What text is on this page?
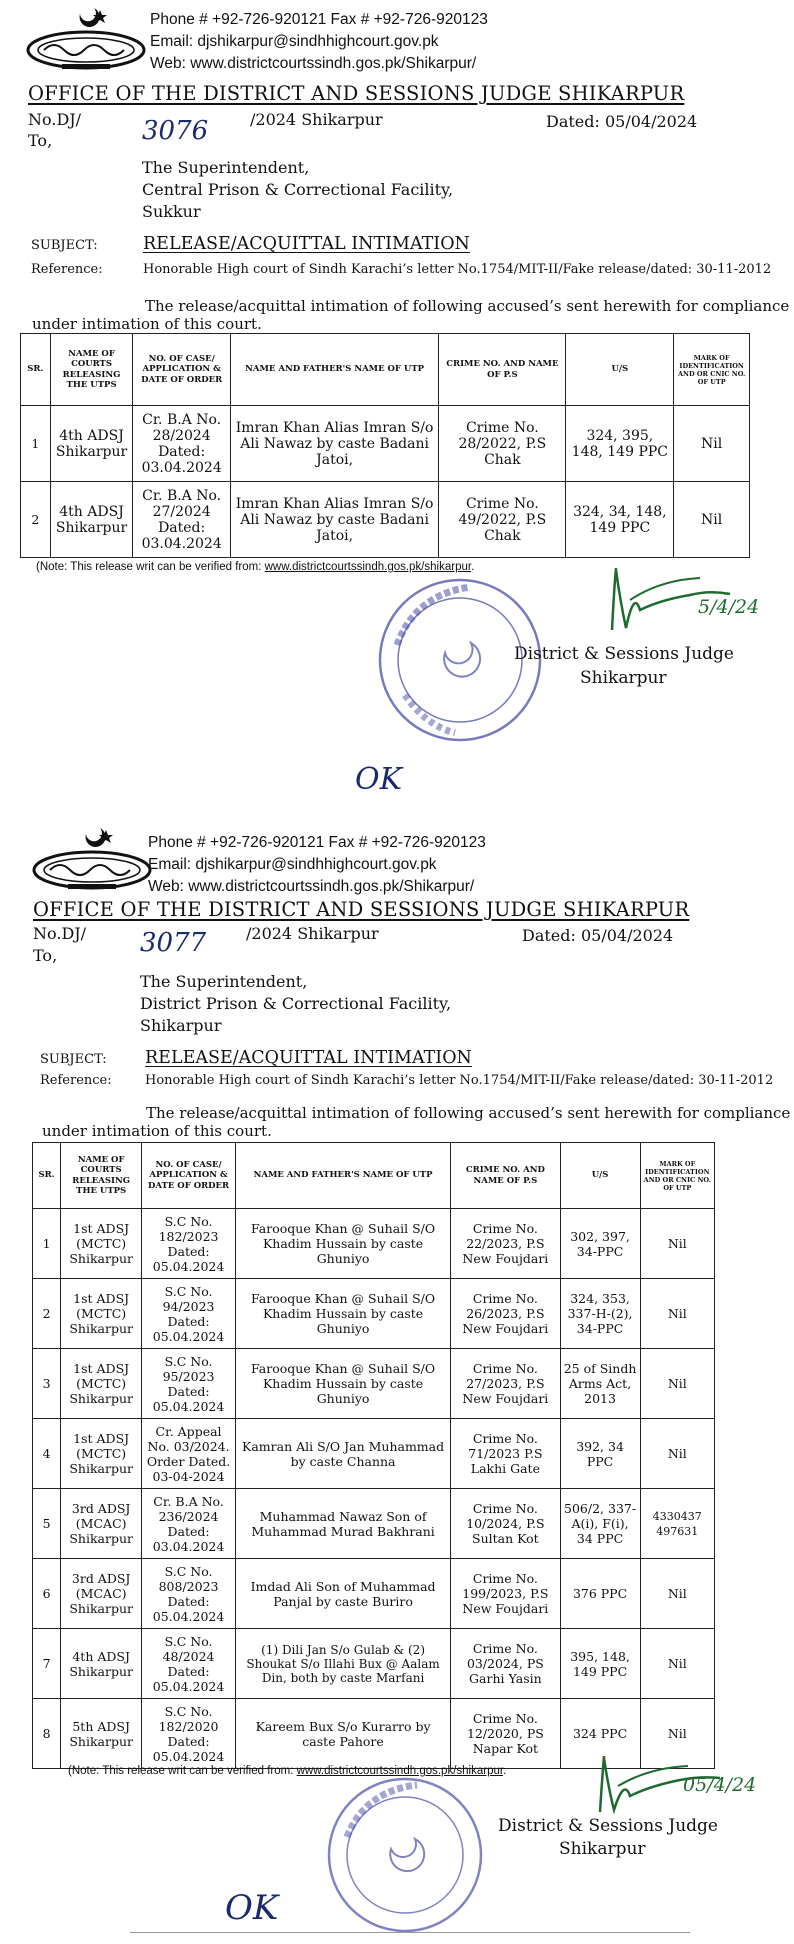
Phone # +92-726-920121 Fax # +92-726-920123
Email: djshikarpur@sindhhighcourt.gov.pk
Web: www.districtcourtssindh.gos.pk/Shikarpur/
OFFICE OF THE DISTRICT AND SESSIONS JUDGE SHIKARPUR
No.DJ/ 3076	/2024 Shikarpur	Dated: 05/04/2024
To,
The Superintendent,
Central Prison & Correctional Facility,
Sukkur
SUBJECT:	RELEASE/ACQUITTAL INTIMATION
Reference:	Honorable High court of Sindh Karachi’s letter No.1754/MIT-II/Fake release/dated: 30-11-2012
The release/acquittal intimation of following accused’s sent herewith for compliance
under intimation of this court.
SR.	NAME OF COURTS RELEASING THE UTPS	NO. OF CASE/ APPLICATION & DATE OF ORDER	NAME AND FATHER'S NAME OF UTP	CRIME NO. AND NAME OF P.S	U/S	MARK OF IDENTIFICATION AND OR CNIC NO. OF UTP
1	4th ADSJ Shikarpur	Cr. B.A No. 28/2024 Dated: 03.04.2024	Imran Khan Alias Imran S/o Ali Nawaz by caste Badani Jatoi,	Crime No. 28/2022, P.S Chak	324, 395, 148, 149 PPC	Nil
2	4th ADSJ Shikarpur	Cr. B.A No. 27/2024 Dated: 03.04.2024	Imran Khan Alias Imran S/o Ali Nawaz by caste Badani Jatoi,	Crime No. 49/2022, P.S Chak	324, 34, 148, 149 PPC	Nil
(Note: This release writ can be verified from: www.districtcourtssindh.gos.pk/shikarpur.
5/4/24
District & Sessions Judge
Shikarpur
OK
Phone # +92-726-920121 Fax # +92-726-920123
Email: djshikarpur@sindhhighcourt.gov.pk
Web: www.districtcourtssindh.gos.pk/Shikarpur/
OFFICE OF THE DISTRICT AND SESSIONS JUDGE SHIKARPUR
No.DJ/ 3077 /2024 Shikarpur	Dated: 05/04/2024
To,
The Superintendent,
District Prison & Correctional Facility,
Shikarpur
SUBJECT: RELEASE/ACQUITTAL INTIMATION
Reference:	Honorable High court of Sindh Karachi’s letter No.1754/MIT-II/Fake release/dated: 30-11-2012
The release/acquittal intimation of following accused’s sent herewith for compliance
under intimation of this court.
SR.	NAME OF COURTS RELEASING THE UTPS	NO. OF CASE/ APPLICATION & DATE OF ORDER	NAME AND FATHER'S NAME OF UTP	CRIME NO. AND NAME OF P.S	U/S	MARK OF IDENTIFICATION AND OR CNIC NO. OF UTP
1	1st ADSJ (MCTC) Shikarpur	S.C No. 182/2023 Dated: 05.04.2024	Farooque Khan @ Suhail S/O Khadim Hussain by caste Ghuniyo	Crime No. 22/2023, P.S New Foujdari	302, 397, 34-PPC	Nil
2	1st ADSJ (MCTC) Shikarpur	S.C No. 94/2023 Dated: 05.04.2024	Farooque Khan @ Suhail S/O Khadim Hussain by caste Ghuniyo	Crime No. 26/2023, P.S New Foujdari	324, 353, 337-H-(2), 34-PPC	Nil
3	1st ADSJ (MCTC) Shikarpur	S.C No. 95/2023 Dated: 05.04.2024	Farooque Khan @ Suhail S/O Khadim Hussain by caste Ghuniyo	Crime No. 27/2023, P.S New Foujdari	25 of Sindh Arms Act, 2013	Nil
4	1st ADSJ (MCTC) Shikarpur	Cr. Appeal No. 03/2024. Order Dated. 03-04-2024	Kamran Ali S/O Jan Muhammad by caste Channa	Crime No. 71/2023 P.S Lakhi Gate	392, 34 PPC	Nil
5	3rd ADSJ (MCAC) Shikarpur	Cr. B.A No. 236/2024 Dated: 03.04.2024	Muhammad Nawaz Son of Muhammad Murad Bakhrani	Crime No. 10/2024, P.S Sultan Kot	506/2, 337-A(i), F(i), 34 PPC	4330437 497631
6	3rd ADSJ (MCAC) Shikarpur	S.C No. 808/2023 Dated: 05.04.2024	Imdad Ali Son of Muhammad Panjal by caste Buriro	Crime No. 199/2023, P.S New Foujdari	376 PPC	Nil
7	4th ADSJ Shikarpur	S.C No. 48/2024 Dated: 05.04.2024	(1) Dili Jan S/o Gulab & (2) Shoukat S/o Illahi Bux @ Aalam Din, both by caste Marfani	Crime No. 03/2024, PS Garhi Yasin	395, 148, 149 PPC	Nil
8	5th ADSJ Shikarpur	S.C No. 182/2020 Dated: 05.04.2024	Kareem Bux S/o Kurarro by caste Pahore	Crime No. 12/2020, PS Napar Kot	324 PPC	Nil
(Note: This release writ can be verified from: www.districtcourtssindh.gos.pk/shikarpur.
05/4/24
District & Sessions Judge
Shikarpur
OK
